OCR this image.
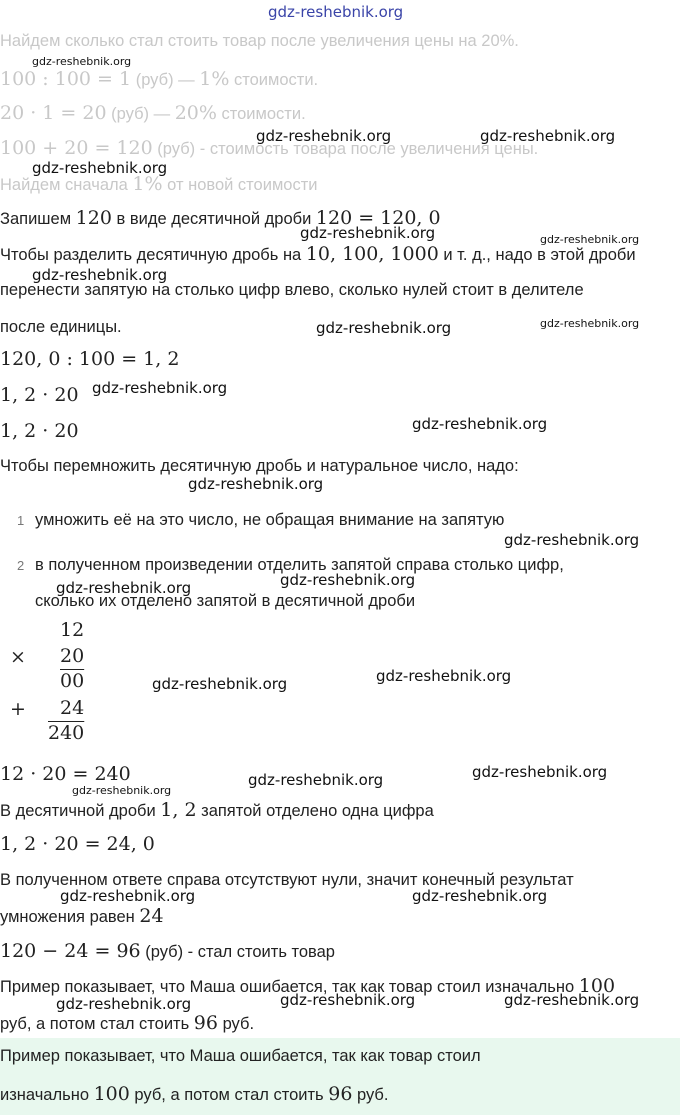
Найдем сколько стал стоить товар после увеличения цены на 20%.
100 : 100 = 1 (руб) — 1% стоимости.
20 · 1 = 20 (руб) — 20% стоимости.
100 + 20 = 120 (руб) - стоимость товара после увеличения цены.
Найдем сначала 1% от новой стоимости
Запишем 120 в виде десятичной дроби 120 = 120, 0
Чтобы разделить десятичную дробь на 10, 100, 1000 и т. д., надо в этой дроби
перенести запятую на столько цифр влево, сколько нулей стоит в делителе
после единицы.
120, 0 : 100 = 1, 2
1, 2 · 20
1, 2 · 20
Чтобы перемножить десятичную дробь и натуральное число, надо:
1 умножить её на это число, не обращая внимание на запятую
2 в полученном произведении отделить запятой справа столько цифр,
сколько их отделено запятой в десятичной дроби
12
× 20
00
+ 24
240
12 · 20 = 240
В десятичной дроби 1, 2 запятой отделено одна цифра
1, 2 · 20 = 24, 0
В полученном ответе справа отсутствуют нули, значит конечный результат
умножения равен 24
120 − 24 = 96 (руб) - стал стоить товар
Пример показывает, что Маша ошибается, так как товар стоил изначально 100
руб, а потом стал стоить 96 руб.
Пример показывает, что Маша ошибается, так как товар стоил
изначально 100 руб, а потом стал стоить 96 руб.
gdz-reshebnik.org
gdz-reshebnik.org
gdz-reshebnik.org	gdz-reshebnik.org
gdz-reshebnik.org
gdz-reshebnik.org	gdz-reshebnik.org
gdz-reshebnik.org
gdz-reshebnik.org	gdz-reshebnik.org
gdz-reshebnik.org
gdz-reshebnik.org
gdz-reshebnik.org
gdz-reshebnik.org
gdz-reshebnik.org
gdz-reshebnik.org
gdz-reshebnik.org	gdz-reshebnik.org
gdz-reshebnik.org	gdz-reshebnik.org
gdz-reshebnik.org
gdz-reshebnik.org	gdz-reshebnik.org
gdz-reshebnik.org	gdz-reshebnik.org	gdz-reshebnik.org
